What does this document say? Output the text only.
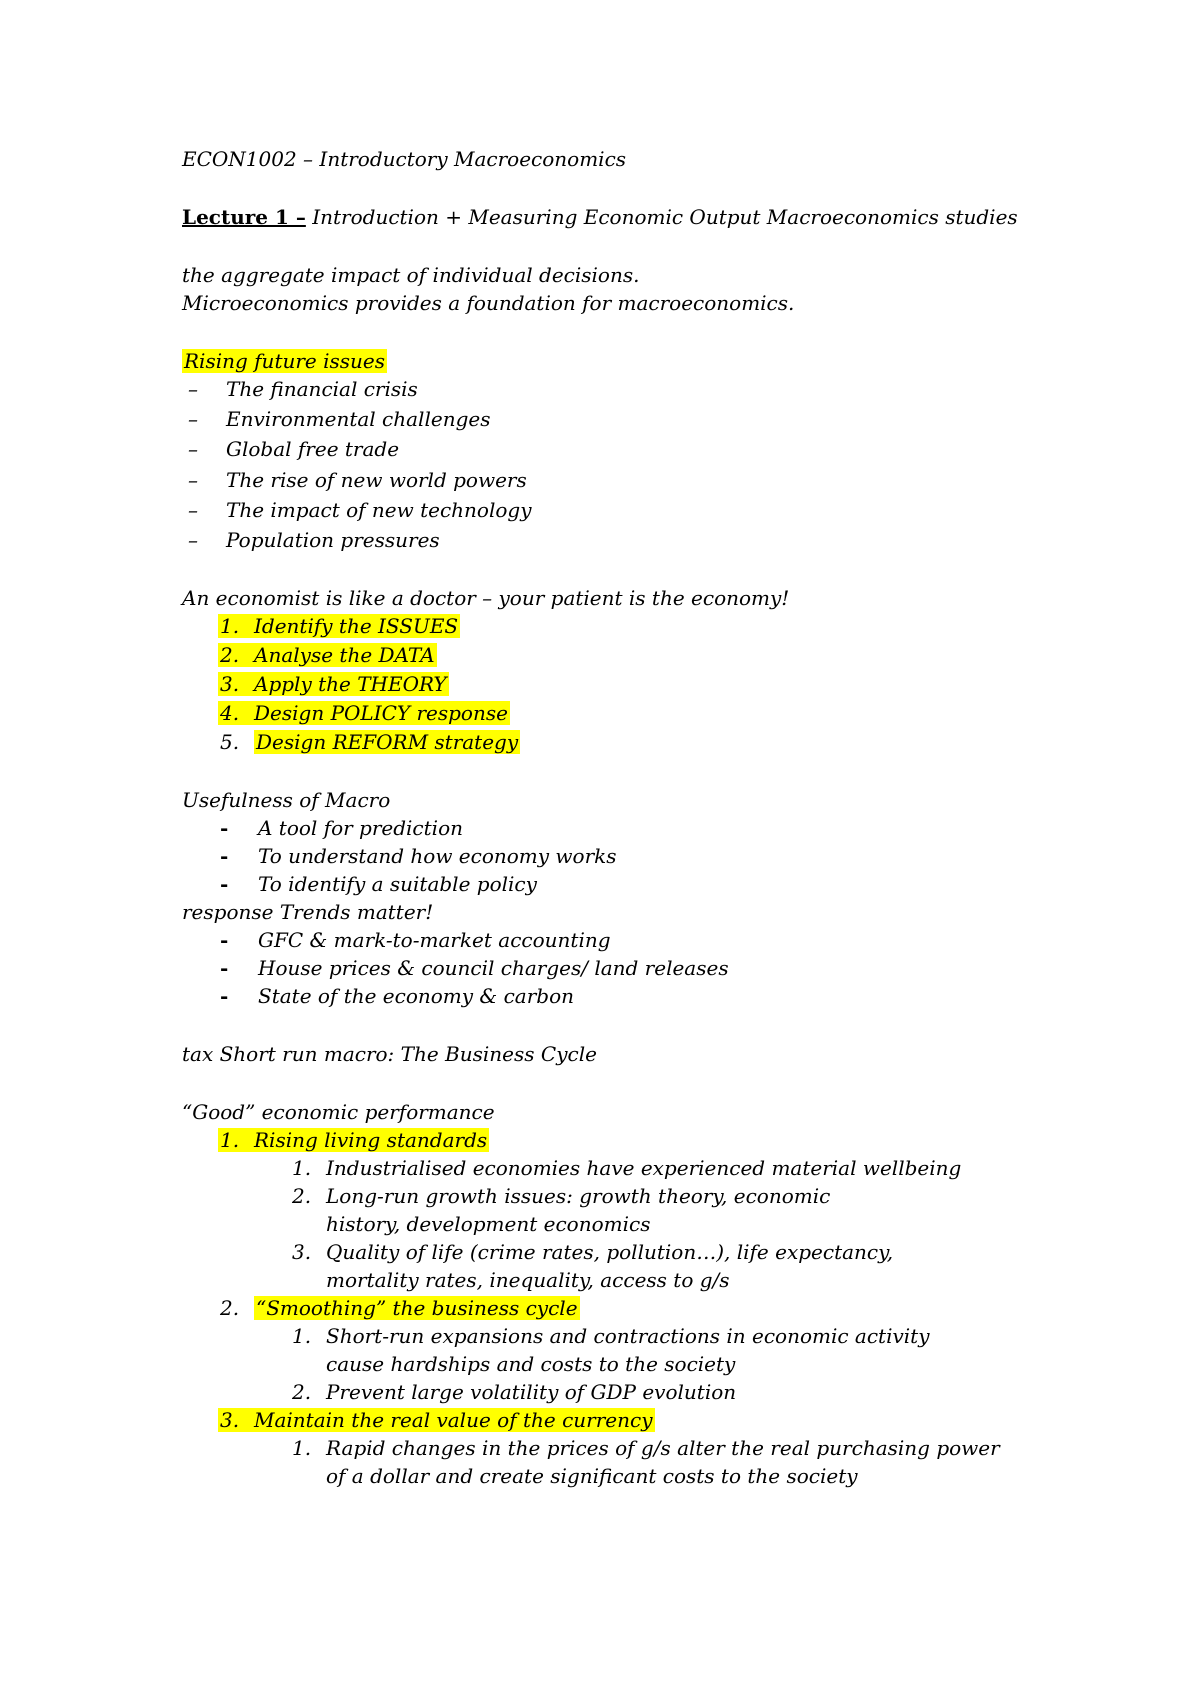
ECON1002 – Introductory Macroeconomics
Lecture 1 – Introduction + Measuring Economic Output Macroeconomics studies
the aggregate impact of individual decisions.
Microeconomics provides a foundation for macroeconomics.
Rising future issues
– The financial crisis
– Environmental challenges
– Global free trade
– The rise of new world powers
– The impact of new technology
– Population pressures
An economist is like a doctor – your patient is the economy!
1. Identify the ISSUES
2. Analyse the DATA
3. Apply the THEORY
4. Design POLICY response
5. Design REFORM strategy
Usefulness of Macro
- A tool for prediction
- To understand how economy works
- To identify a suitable policy
response Trends matter!
- GFC & mark-to-market accounting
- House prices & council charges/ land releases
- State of the economy & carbon
tax Short run macro: The Business Cycle
“Good” economic performance
1. Rising living standards
1. Industrialised economies have experienced material wellbeing
2. Long-run growth issues: growth theory, economic
history, development economics
3. Quality of life (crime rates, pollution…), life expectancy,
mortality rates, inequality, access to g/s
2. “Smoothing” the business cycle
1. Short-run expansions and contractions in economic activity
cause hardships and costs to the society
2. Prevent large volatility of GDP evolution
3. Maintain the real value of the currency
1. Rapid changes in the prices of g/s alter the real purchasing power
of a dollar and create significant costs to the society
